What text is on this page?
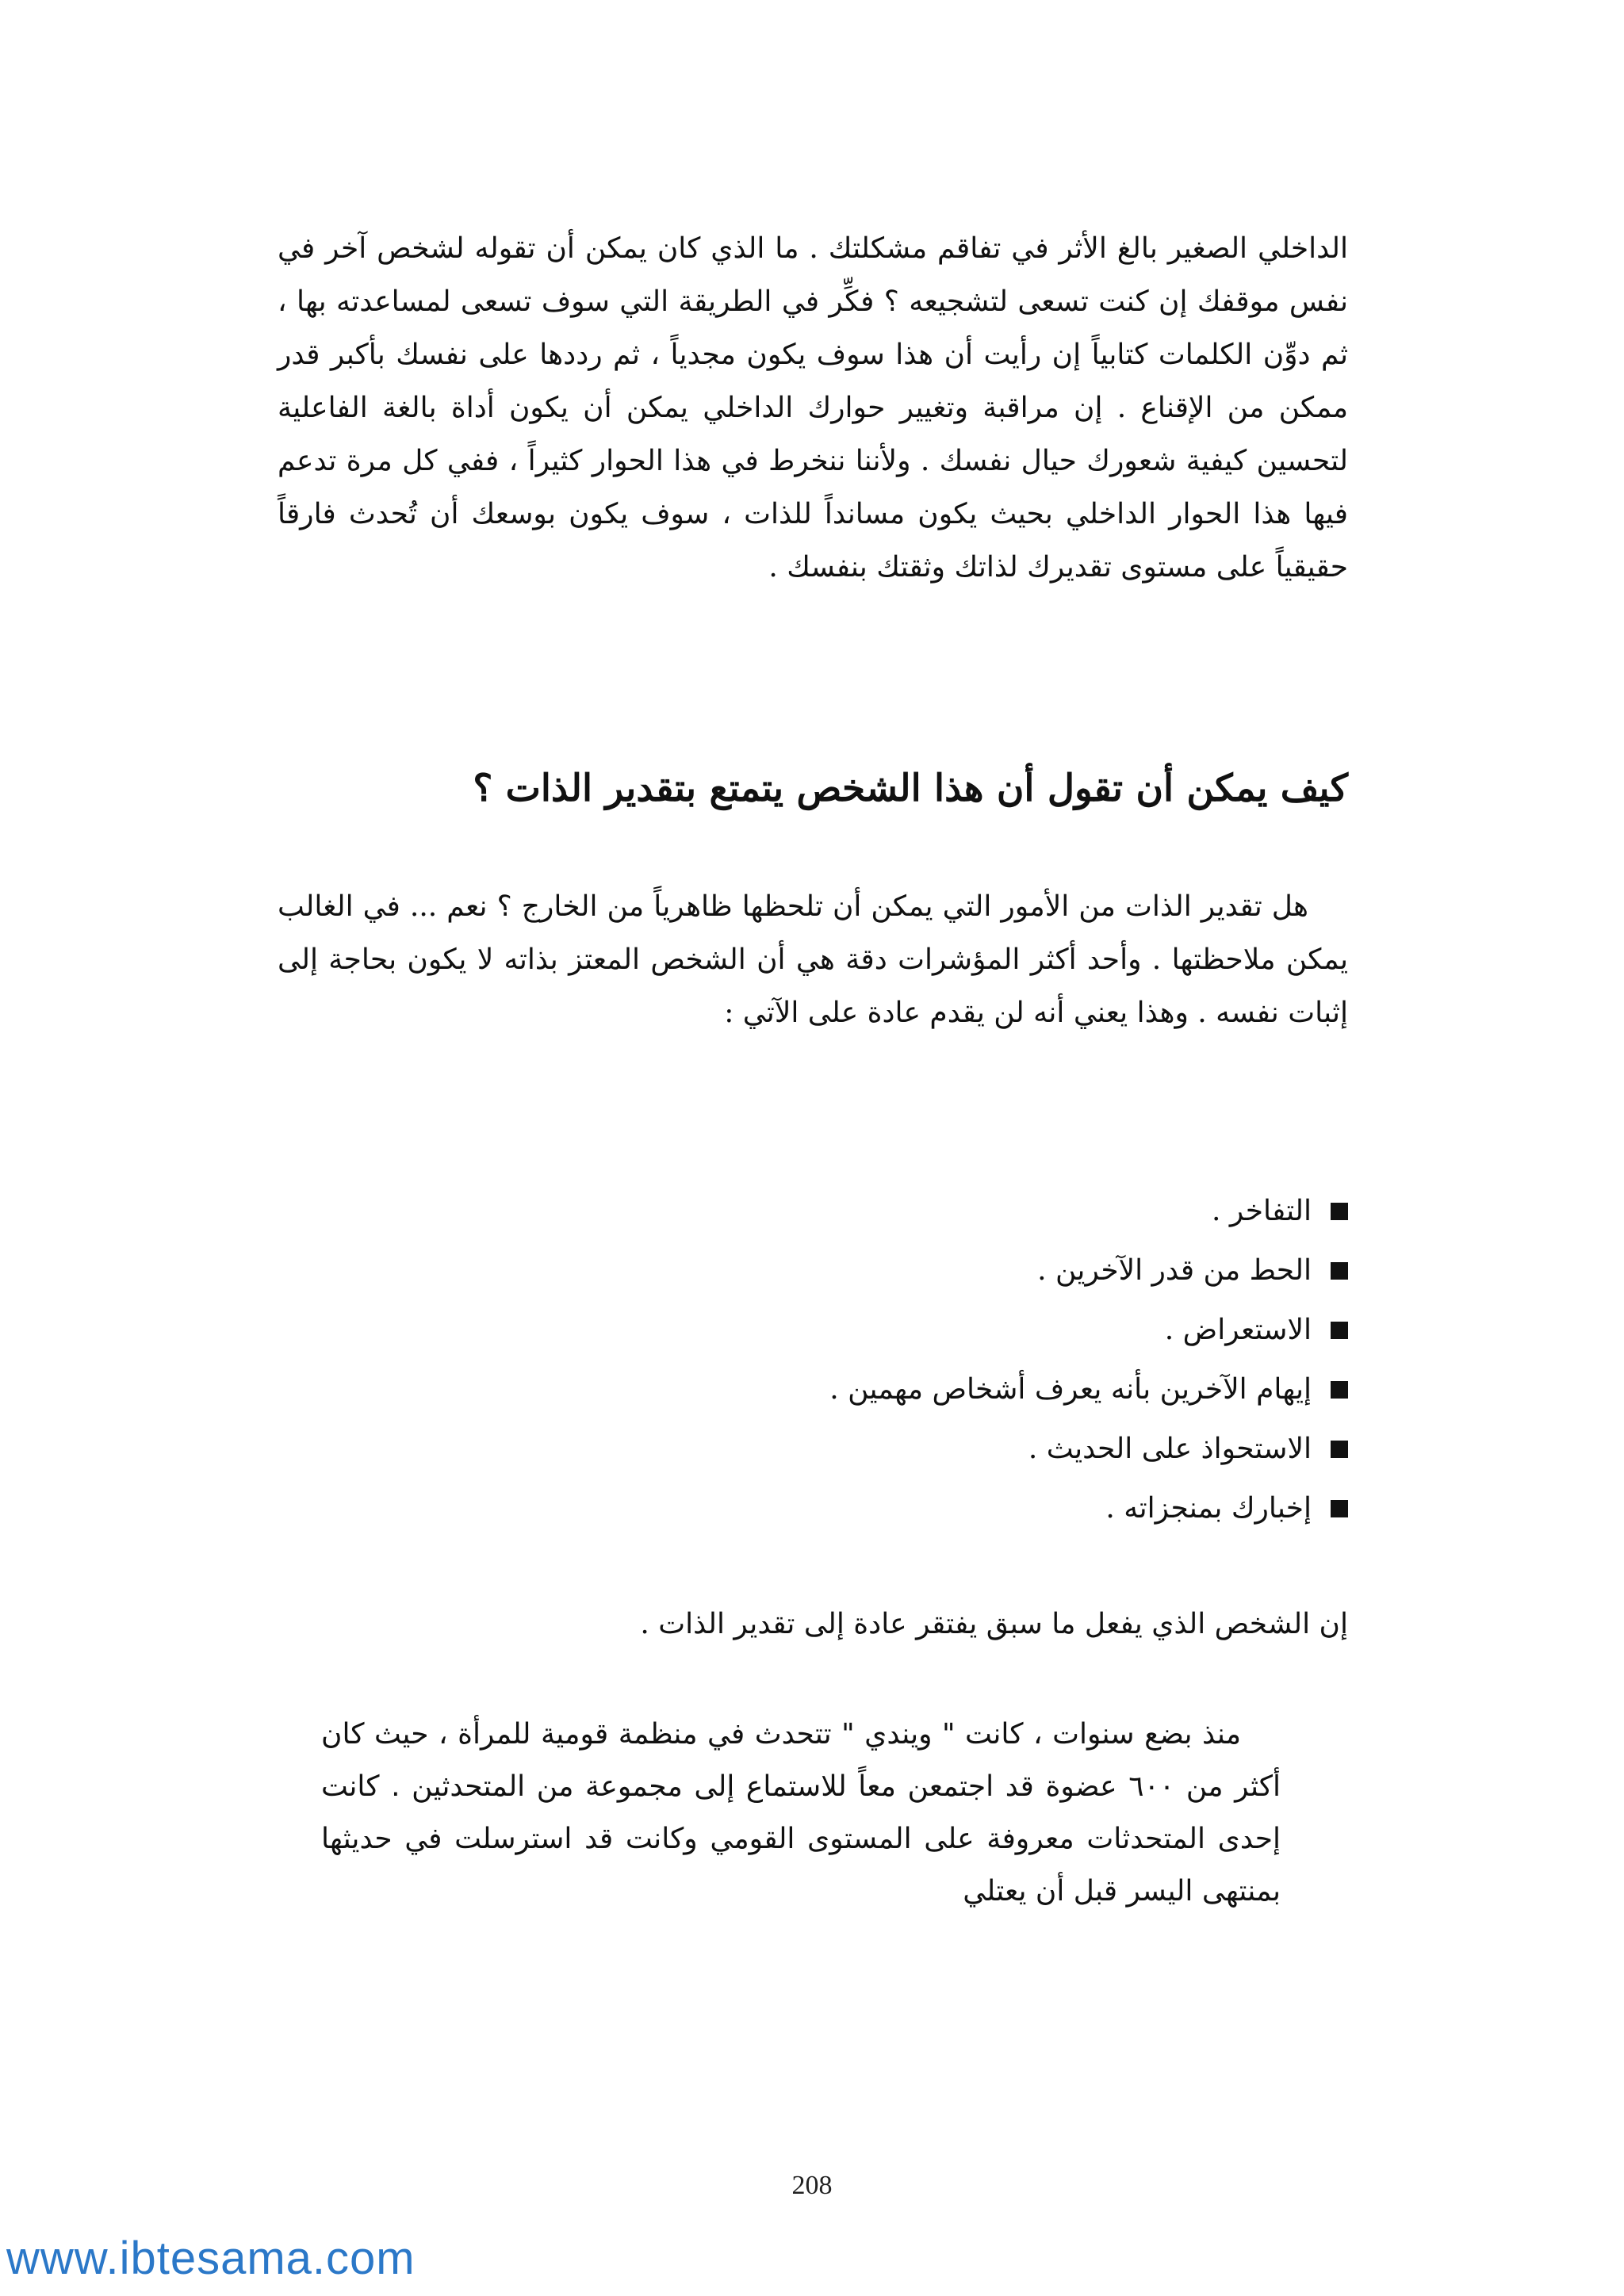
الداخلي الصغير بالغ الأثر في تفاقم مشكلتك . ما الذي كان يمكن أن تقوله لشخص آخر في نفس موقفك إن كنت تسعى لتشجيعه ؟ فكِّر في الطريقة التي سوف تسعى لمساعدته بها ، ثم دوِّن الكلمات كتابياً إن رأيت أن هذا سوف يكون مجدياً ، ثم رددها على نفسك بأكبر قدر ممكن من الإقناع . إن مراقبة وتغيير حوارك الداخلي يمكن أن يكون أداة بالغة الفاعلية لتحسين كيفية شعورك حيال نفسك . ولأننا ننخرط في هذا الحوار كثيراً ، ففي كل مرة تدعم فيها هذا الحوار الداخلي بحيث يكون مسانداً للذات ، سوف يكون بوسعك أن تُحدث فارقاً حقيقياً على مستوى تقديرك لذاتك وثقتك بنفسك .

كيف يمكن أن تقول أن هذا الشخص يتمتع بتقدير الذات ؟

هل تقدير الذات من الأمور التي يمكن أن تلحظها ظاهرياً من الخارج ؟ نعم ... في الغالب يمكن ملاحظتها . وأحد أكثر المؤشرات دقة هي أن الشخص المعتز بذاته لا يكون بحاجة إلى إثبات نفسه . وهذا يعني أنه لن يقدم عادة على الآتي :

التفاخر .
الحط من قدر الآخرين .
الاستعراض .
إيهام الآخرين بأنه يعرف أشخاص مهمين .
الاستحواذ على الحديث .
إخبارك بمنجزاته .

إن الشخص الذي يفعل ما سبق يفتقر عادة إلى تقدير الذات .

منذ بضع سنوات ، كانت " ويندي " تتحدث في منظمة قومية للمرأة ، حيث كان أكثر من ٦٠٠ عضوة قد اجتمعن معاً للاستماع إلى مجموعة من المتحدثين . كانت إحدى المتحدثات معروفة على المستوى القومي وكانت قد استرسلت في حديثها بمنتهى اليسر قبل أن يعتلي

208
www.ibtesama.com
